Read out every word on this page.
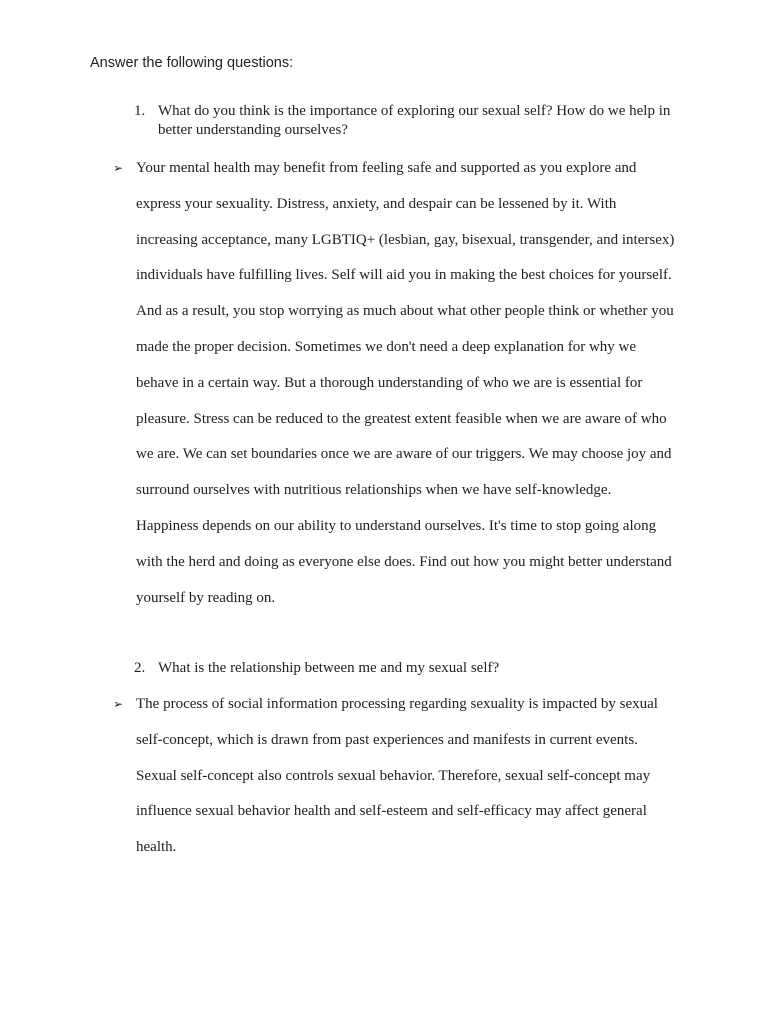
Answer the following questions:
1. What do you think is the importance of exploring our sexual self? How do we help in better understanding ourselves?
➢ Your mental health may benefit from feeling safe and supported as you explore and
express your sexuality. Distress, anxiety, and despair can be lessened by it. With
increasing acceptance, many LGBTIQ+ (lesbian, gay, bisexual, transgender, and intersex)
individuals have fulfilling lives. Self will aid you in making the best choices for yourself.
And as a result, you stop worrying as much about what other people think or whether you
made the proper decision. Sometimes we don't need a deep explanation for why we
behave in a certain way. But a thorough understanding of who we are is essential for
pleasure. Stress can be reduced to the greatest extent feasible when we are aware of who
we are. We can set boundaries once we are aware of our triggers. We may choose joy and
surround ourselves with nutritious relationships when we have self-knowledge.
Happiness depends on our ability to understand ourselves. It's time to stop going along
with the herd and doing as everyone else does. Find out how you might better understand
yourself by reading on.
2. What is the relationship between me and my sexual self?
➢ The process of social information processing regarding sexuality is impacted by sexual
self-concept, which is drawn from past experiences and manifests in current events.
Sexual self-concept also controls sexual behavior. Therefore, sexual self-concept may
influence sexual behavior health and self-esteem and self-efficacy may affect general
health.
